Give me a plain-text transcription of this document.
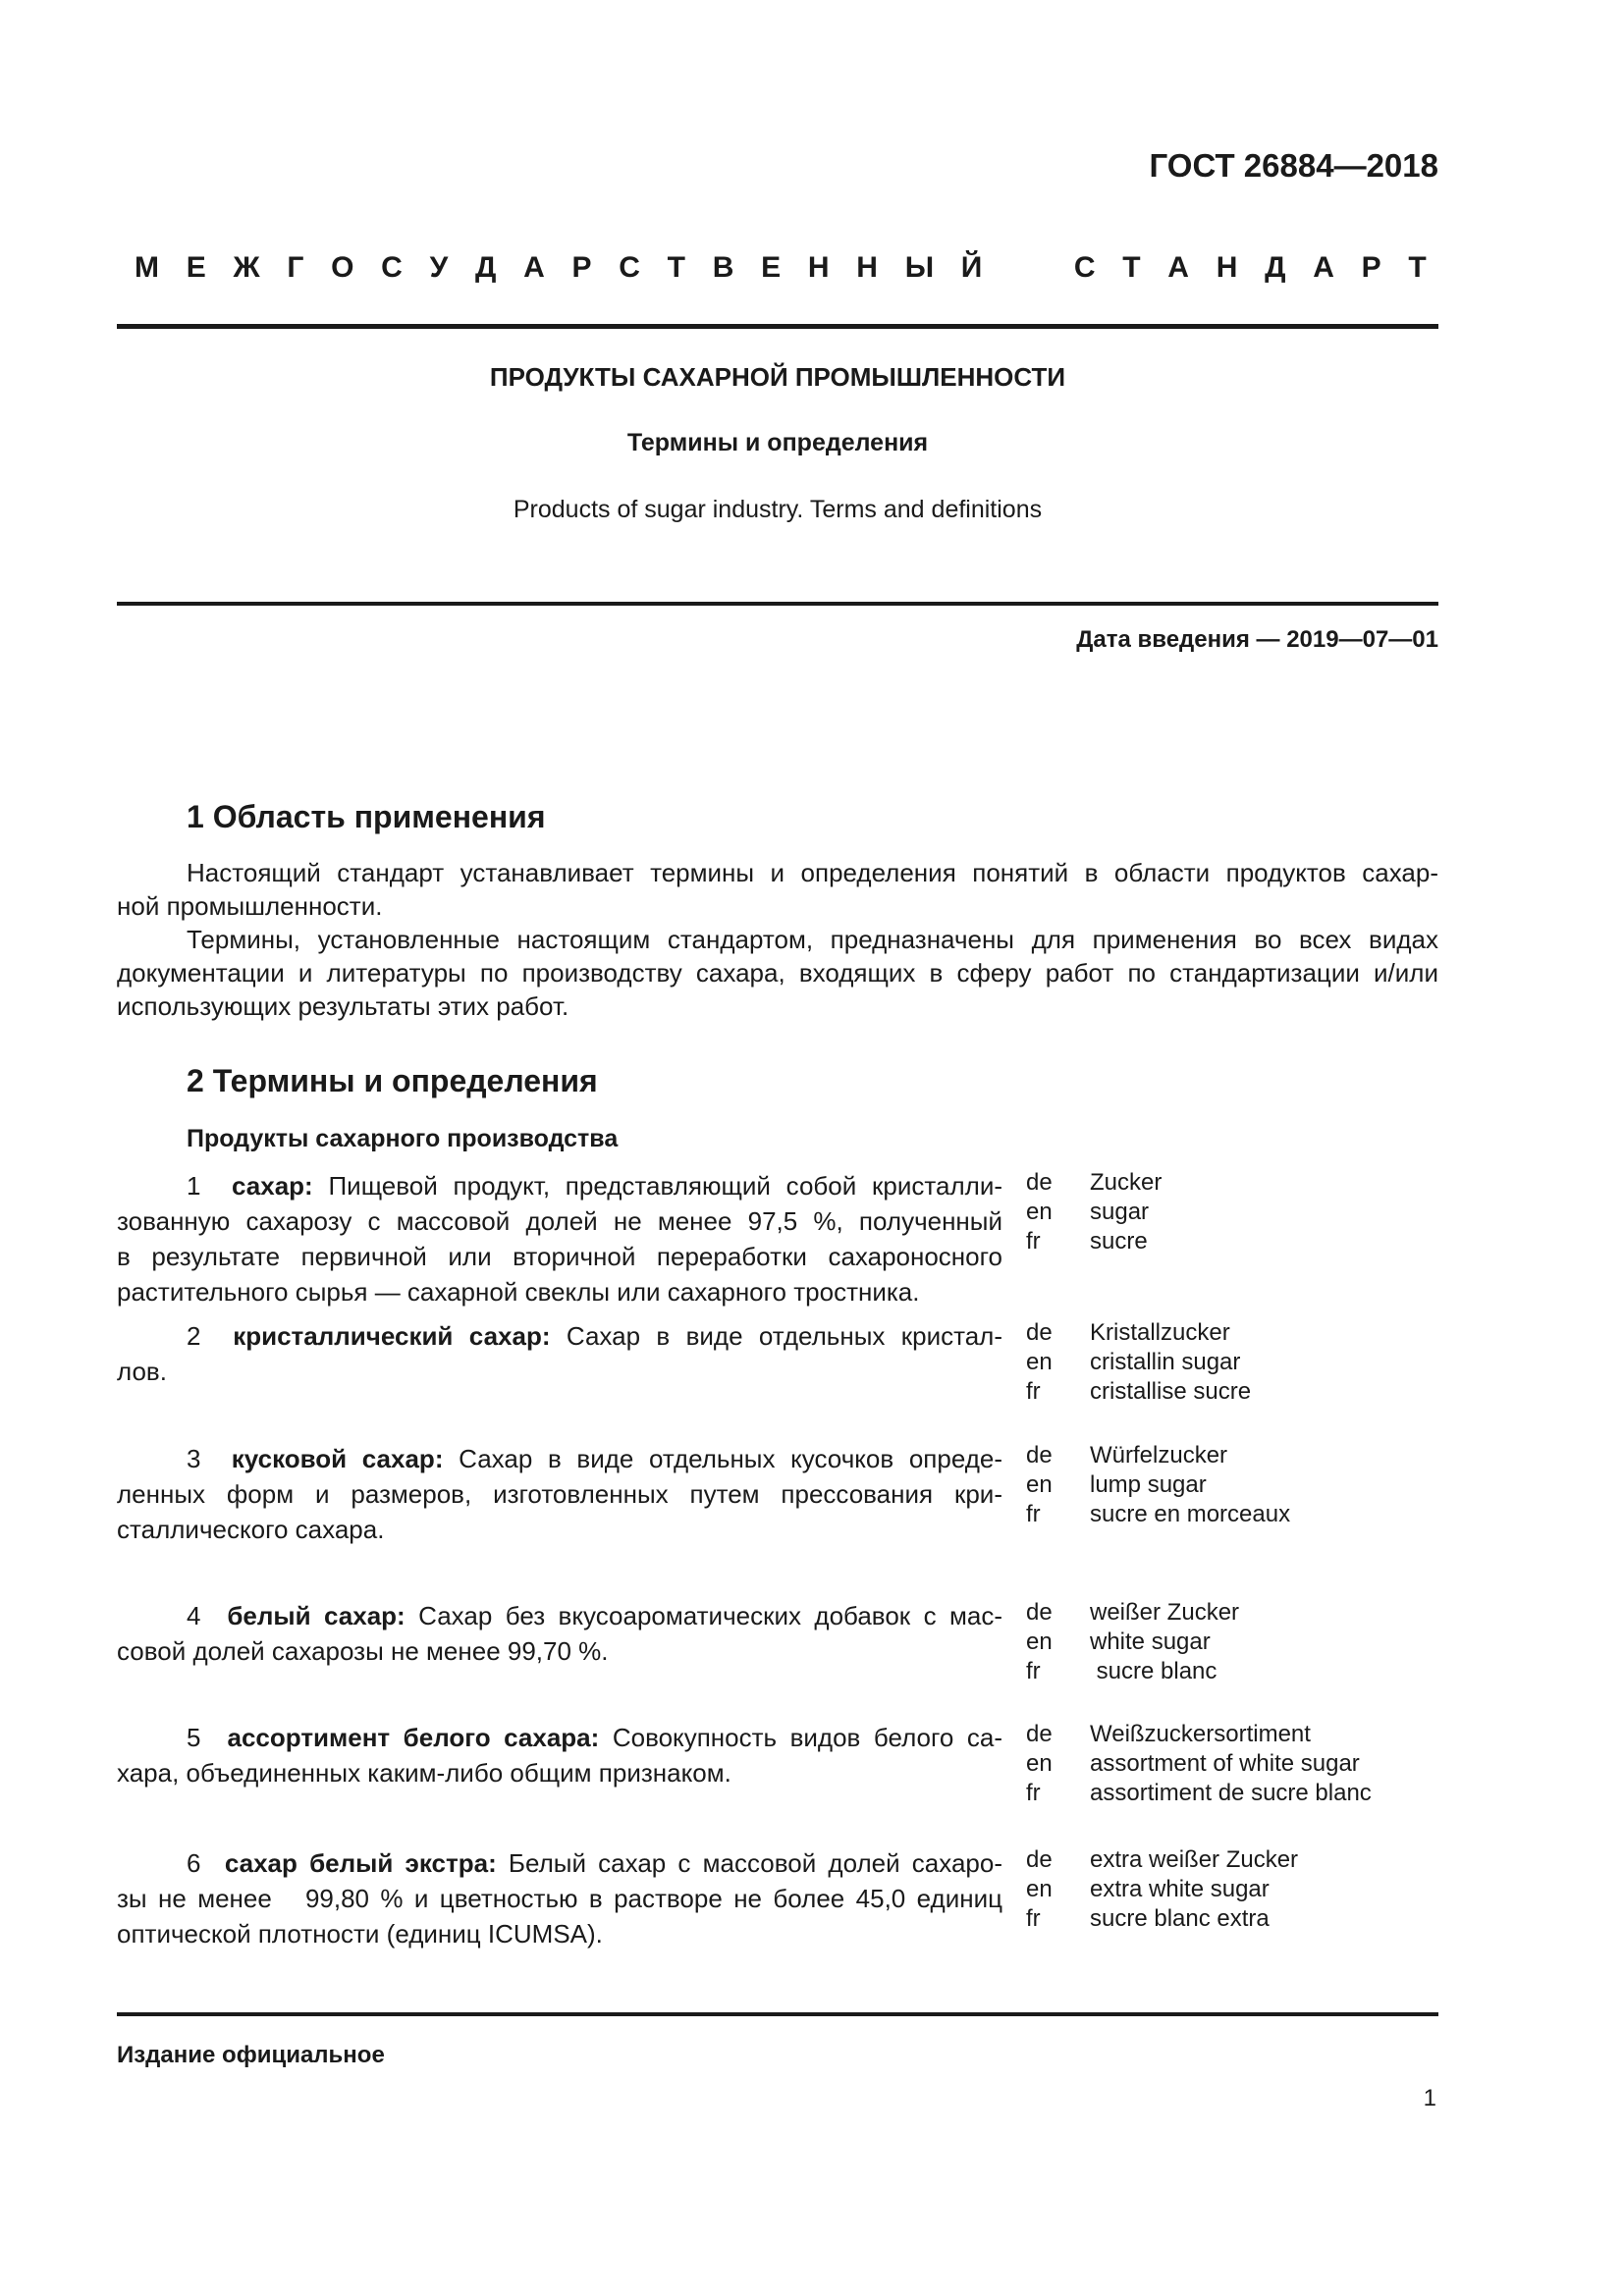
ГОСТ 26884—2018
М Е Ж Г О С У Д А Р С Т В Е Н Н Ы Й	С Т А Н Д А Р Т
ПРОДУКТЫ САХАРНОЙ ПРОМЫШЛЕННОСТИ
Термины и определения
Products of sugar industry. Terms and definitions
Дата введения — 2019—07—01
1 Область применения
Настоящий стандарт устанавливает термины и определения понятий в области продуктов сахар-
ной промышленности.
Термины, установленные настоящим стандартом, предназначены для применения во всех видах
документации и литературы по производству сахара, входящих в сферу работ по стандартизации и/или
использующих результаты этих работ.
2 Термины и определения
Продукты сахарного производства
1 сахар: Пищевой продукт, представляющий собой кристалли-
зованную сахарозу с массовой долей не менее 97,5 %, полученный
в результате первичной или вторичной переработки сахароносного
растительного сырья — сахарной свеклы или сахарного тростника.
de
en
fr
Zucker
sugar
sucre
2 кристаллический сахар: Сахар в виде отдельных кристал-
лов.
de
en
fr
Kristallzucker
cristallin sugar
cristallise sucre
3 кусковой сахар: Сахар в виде отдельных кусочков опреде-
ленных форм и размеров, изготовленных путем прессования кри-
сталлического сахара.
de
en
fr
Würfelzucker
lump sugar
sucre en morceaux
4 белый сахар: Сахар без вкусоароматических добавок с мас-
совой долей сахарозы не менее 99,70 %.
de
en
fr
weißer Zucker
white sugar
sucre blanc
5 ассортимент белого сахара: Совокупность видов белого са-
хара, объединенных каким-либо общим признаком.
de
en
fr
Weißzuckersortiment
assortment of white sugar
assortiment de sucre blanc
6 сахар белый экстра: Белый сахар с массовой долей сахаро-
зы не менее   99,80 % и цветностью в растворе не более 45,0 единиц
оптической плотности (единиц ICUMSA).
de
en
fr
extra weißer Zucker
extra white sugar
sucre blanc extra
Издание официальное
1
